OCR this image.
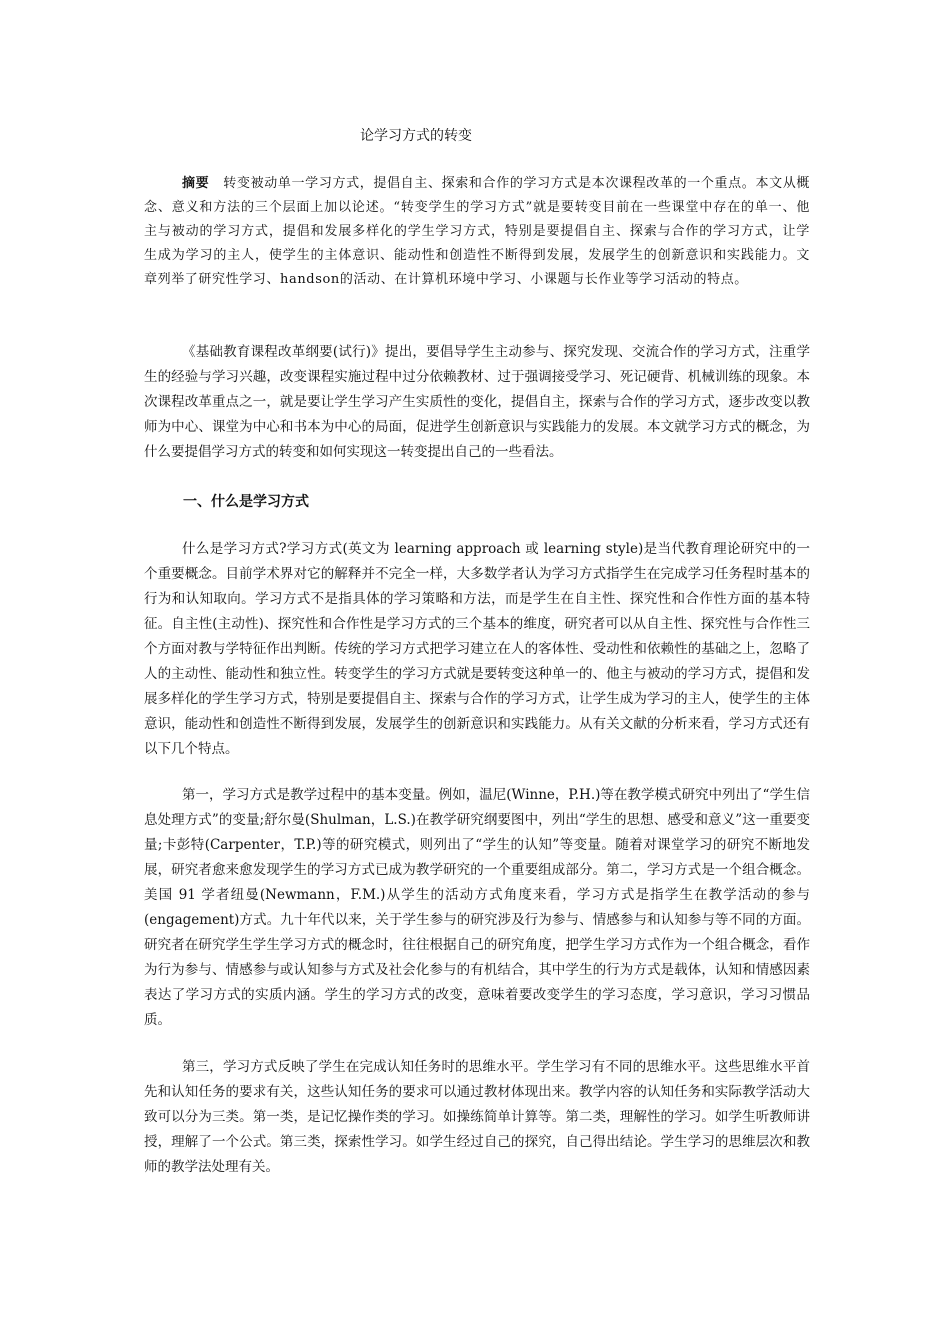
论学习方式的转变

摘要 转变被动单一学习方式，提倡自主、探索和合作的学习方式是本次课程改革的一个重点。本文从概念、意义和方法的三个层面上加以论述。“转变学生的学习方式”就是要转变目前在一些课堂中存在的单一、他主与被动的学习方式，提倡和发展多样化的学生学习方式，特别是要提倡自主、探索与合作的学习方式，让学生成为学习的主人，使学生的主体意识、能动性和创造性不断得到发展，发展学生的创新意识和实践能力。文章列举了研究性学习、handson的活动、在计算机环境中学习、小课题与长作业等学习活动的特点。

《基础教育课程改革纲要(试行)》提出，要倡导学生主动参与、探究发现、交流合作的学习方式，注重学生的经验与学习兴趣，改变课程实施过程中过分依赖教材、过于强调接受学习、死记硬背、机械训练的现象。本次课程改革重点之一，就是要让学生学习产生实质性的变化，提倡自主，探索与合作的学习方式，逐步改变以教师为中心、课堂为中心和书本为中心的局面，促进学生创新意识与实践能力的发展。本文就学习方式的概念，为什么要提倡学习方式的转变和如何实现这一转变提出自己的一些看法。

一、什么是学习方式

什么是学习方式?学习方式(英文为 learning approach 或 learning style)是当代教育理论研究中的一个重要概念。目前学术界对它的解释并不完全一样，大多数学者认为学习方式指学生在完成学习任务程时基本的行为和认知取向。学习方式不是指具体的学习策略和方法，而是学生在自主性、探究性和合作性方面的基本特征。自主性(主动性)、探究性和合作性是学习方式的三个基本的维度，研究者可以从自主性、探究性与合作性三个方面对教与学特征作出判断。传统的学习方式把学习建立在人的客体性、受动性和依赖性的基础之上，忽略了人的主动性、能动性和独立性。转变学生的学习方式就是要转变这种单一的、他主与被动的学习方式，提倡和发展多样化的学生学习方式，特别是要提倡自主、探索与合作的学习方式，让学生成为学习的主人，使学生的主体意识，能动性和创造性不断得到发展，发展学生的创新意识和实践能力。从有关文献的分析来看，学习方式还有以下几个特点。

第一，学习方式是教学过程中的基本变量。例如，温尼(Winne，P.H.)等在教学模式研究中列出了“学生信息处理方式”的变量;舒尔曼(Shulman，L.S.)在教学研究纲要图中，列出“学生的思想、感受和意义”这一重要变量;卡彭特(Carpenter，T.P.)等的研究模式，则列出了“学生的认知”等变量。随着对课堂学习的研究不断地发展，研究者愈来愈发现学生的学习方式已成为教学研究的一个重要组成部分。第二，学习方式是一个组合概念。美国 91 学者纽曼(Newmann，F.M.)从学生的活动方式角度来看，学习方式是指学生在教学活动的参与(engagement)方式。九十年代以来，关于学生参与的研究涉及行为参与、情感参与和认知参与等不同的方面。研究者在研究学生学生学习方式的概念时，往往根据自己的研究角度，把学生学习方式作为一个组合概念，看作为行为参与、情感参与或认知参与方式及社会化参与的有机结合，其中学生的行为方式是载体，认知和情感因素表达了学习方式的实质内涵。学生的学习方式的改变，意味着要改变学生的学习态度，学习意识，学习习惯品质。

第三，学习方式反映了学生在完成认知任务时的思维水平。学生学习有不同的思维水平。这些思维水平首先和认知任务的要求有关，这些认知任务的要求可以通过教材体现出来。教学内容的认知任务和实际教学活动大致可以分为三类。第一类，是记忆操作类的学习。如操练简单计算等。第二类，理解性的学习。如学生听教师讲授，理解了一个公式。第三类，探索性学习。如学生经过自己的探究，自己得出结论。学生学习的思维层次和教师的教学法处理有关。
